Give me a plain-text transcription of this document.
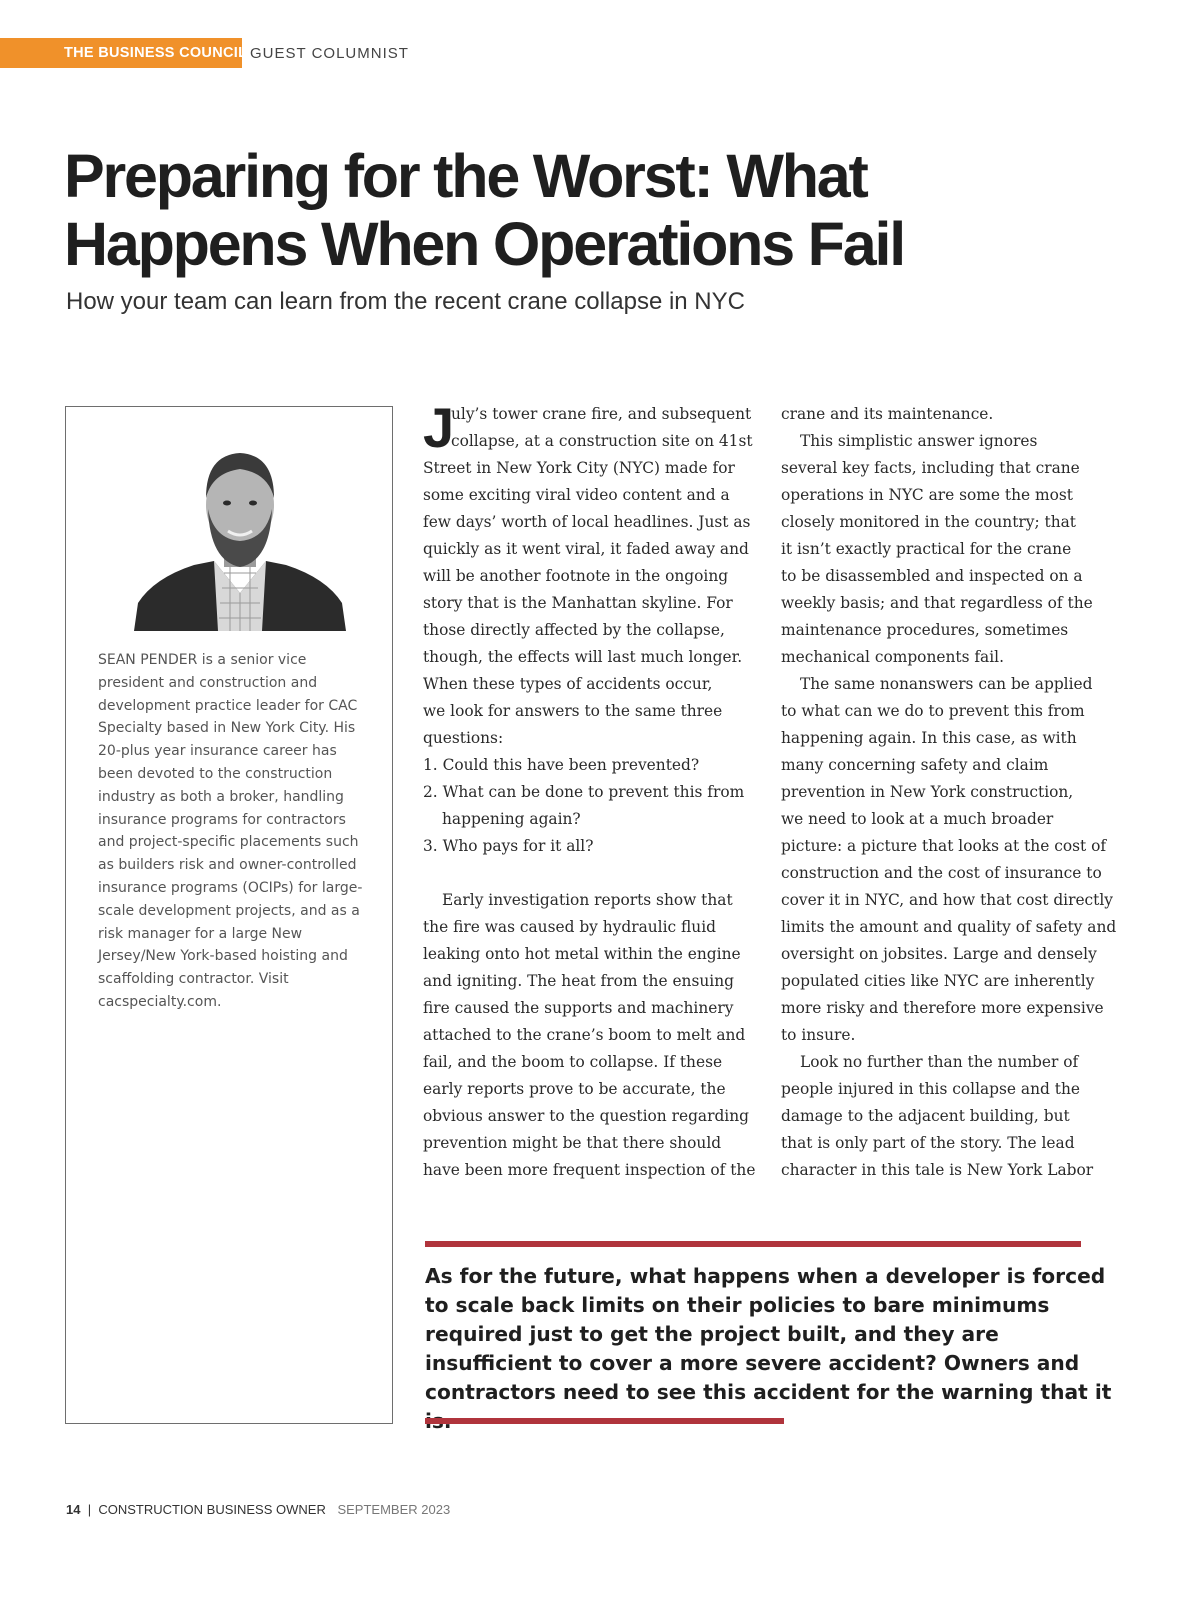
THE BUSINESS COUNCIL GUEST COLUMNIST
Preparing for the Worst: What
Happens When Operations Fail
How your team can learn from the recent crane collapse in NYC

SEAN PENDER is a senior vice president and construction and development practice leader for CAC Specialty based in New York City. His 20-plus year insurance career has been devoted to the construction industry as both a broker, handling insurance programs for contractors and project-specific placements such as builders risk and owner-controlled insurance programs (OCIPs) for large-scale development projects, and as a risk manager for a large New Jersey/New York-based hoisting and scaffolding contractor. Visit cacspecialty.com.

J
uly’s tower crane fire, and subsequent
collapse, at a construction site on 41st
Street in New York City (NYC) made for
some exciting viral video content and a
few days’ worth of local headlines. Just as
quickly as it went viral, it faded away and
will be another footnote in the ongoing
story that is the Manhattan skyline. For
those directly affected by the collapse,
though, the effects will last much longer.
When these types of accidents occur,
we look for answers to the same three
questions:
1. Could this have been prevented?
2. What can be done to prevent this from
happening again?
3. Who pays for it all?
Early investigation reports show that
the fire was caused by hydraulic fluid
leaking onto hot metal within the engine
and igniting. The heat from the ensuing
fire caused the supports and machinery
attached to the crane’s boom to melt and
fail, and the boom to collapse. If these
early reports prove to be accurate, the
obvious answer to the question regarding
prevention might be that there should
have been more frequent inspection of the
crane and its maintenance.
This simplistic answer ignores
several key facts, including that crane
operations in NYC are some the most
closely monitored in the country; that
it isn’t exactly practical for the crane
to be disassembled and inspected on a
weekly basis; and that regardless of the
maintenance procedures, sometimes
mechanical components fail.
The same nonanswers can be applied
to what can we do to prevent this from
happening again. In this case, as with
many concerning safety and claim
prevention in New York construction,
we need to look at a much broader
picture: a picture that looks at the cost of
construction and the cost of insurance to
cover it in NYC, and how that cost directly
limits the amount and quality of safety and
oversight on jobsites. Large and densely
populated cities like NYC are inherently
more risky and therefore more expensive
to insure.
Look no further than the number of
people injured in this collapse and the
damage to the adjacent building, but
that is only part of the story. The lead
character in this tale is New York Labor

As for the future, what happens when a developer is forced to scale back limits on their policies to bare minimums required just to get the project built, and they are insufficient to cover a more severe accident? Owners and contractors need to see this accident for the warning that it

14 | CONSTRUCTION BUSINESS OWNER SEPTEMBER 2023
